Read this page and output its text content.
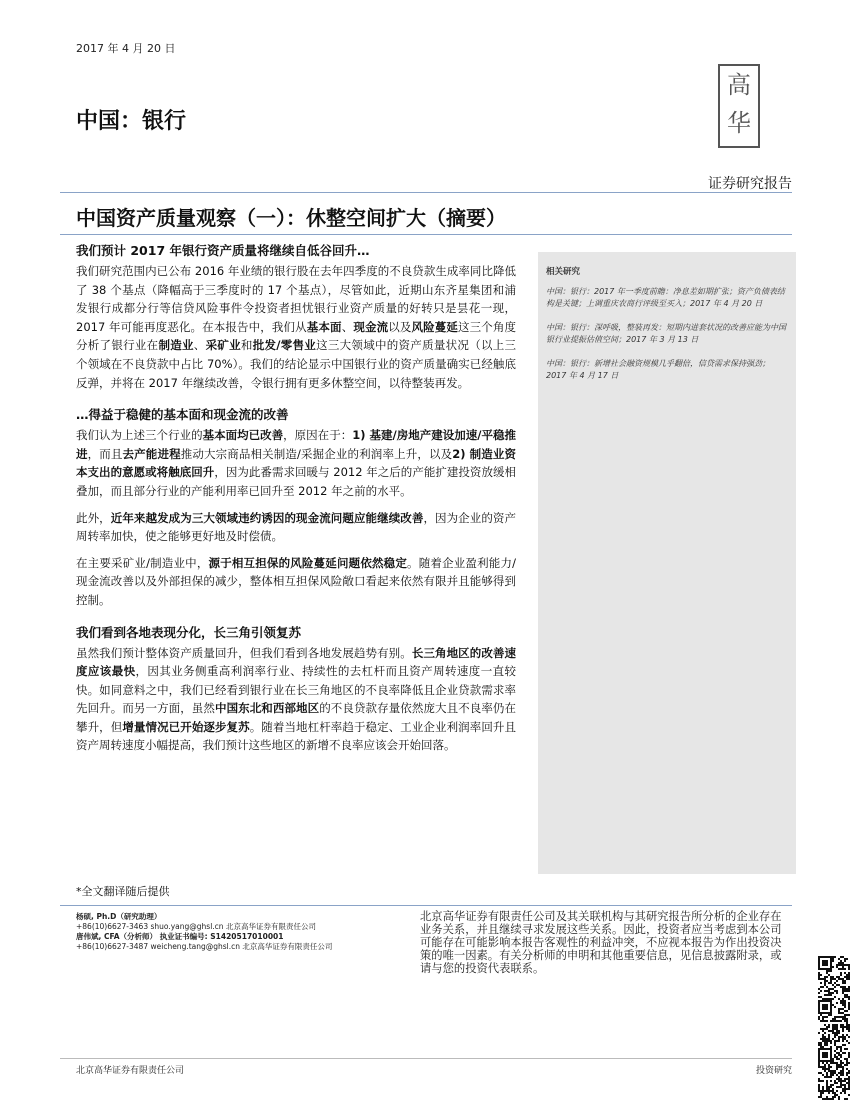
2017 年 4 月 20 日
高
华
中国：银行
证券研究报告
中国资产质量观察（一）：休整空间扩大（摘要）
我们预计 2017 年银行资产质量将继续自低谷回升…

我们研究范围内已公布 2016 年业绩的银行股在去年四季度的不良贷款生成率同比降低了 38 个基点（降幅高于三季度时的 17 个基点），尽管如此，近期山东齐星集团和浦发银行成都分行等信贷风险事件令投资者担忧银行业资产质量的好转只是昙花一现，2017 年可能再度恶化。在本报告中，我们从基本面、现金流以及风险蔓延这三个角度分析了银行业在制造业、采矿业和批发/零售业这三大领域中的资产质量状况（以上三个领域在不良贷款中占比 70%）。我们的结论显示中国银行业的资产质量确实已经触底反弹，并将在 2017 年继续改善，令银行拥有更多休整空间，以待整装再发。

…得益于稳健的基本面和现金流的改善

我们认为上述三个行业的基本面均已改善，原因在于：1) 基建/房地产建设加速/平稳推进，而且去产能进程推动大宗商品相关制造/采掘企业的利润率上升，以及2) 制造业资本支出的意愿或将触底回升，因为此番需求回暖与 2012 年之后的产能扩建投资放缓相叠加，而且部分行业的产能利用率已回升至 2012 年之前的水平。

此外，近年来越发成为三大领域违约诱因的现金流问题应能继续改善，因为企业的资产周转率加快，使之能够更好地及时偿债。

在主要采矿业/制造业中，源于相互担保的风险蔓延问题依然稳定。随着企业盈利能力/现金流改善以及外部担保的减少，整体相互担保风险敞口看起来依然有限并且能够得到控制。

我们看到各地表现分化，长三角引领复苏

虽然我们预计整体资产质量回升，但我们看到各地发展趋势有别。长三角地区的改善速度应该最快，因其业务侧重高利润率行业、持续性的去杠杆而且资产周转速度一直较快。如同意料之中，我们已经看到银行业在长三角地区的不良率降低且企业贷款需求率先回升。而另一方面，虽然中国东北和西部地区的不良贷款存量依然庞大且不良率仍在攀升，但增量情况已开始逐步复苏。随着当地杠杆率趋于稳定、工业企业利润率回升且资产周转速度小幅提高，我们预计这些地区的新增不良率应该会开始回落。

相关研究
中国：银行：2017 年一季度前瞻：净息差如期扩张；资产负债表结构是关键；上调重庆农商行评级至买入；2017 年 4 月 20 日
中国：银行：深呼吸，整装再发：短期内进套状况的改善应能为中国银行业提振估值空间；2017 年 3 月 13 日
中国：银行：新增社会融资规模几乎翻倍，信贷需求保持强劲；2017 年 4 月 17 日
*全文翻译随后提供
杨硕, Ph.D（研究助理）
+86(10)6627-3463 shuo.yang@ghsl.cn 北京高华证券有限责任公司
唐伟斌, CFA（分析师） 执业证书编号: S1420517010001
+86(10)6627-3487 weicheng.tang@ghsl.cn 北京高华证券有限责任公司
北京高华证券有限责任公司及其关联机构与其研究报告所分析的企业存在业务关系，并且继续寻求发展这些关系。因此，投资者应当考虑到本公司可能存在可能影响本报告客观性的利益冲突，不应视本报告为作出投资决策的唯一因素。有关分析师的申明和其他重要信息，见信息披露附录，或请与您的投资代表联系。
北京高华证券有限责任公司	投资研究
